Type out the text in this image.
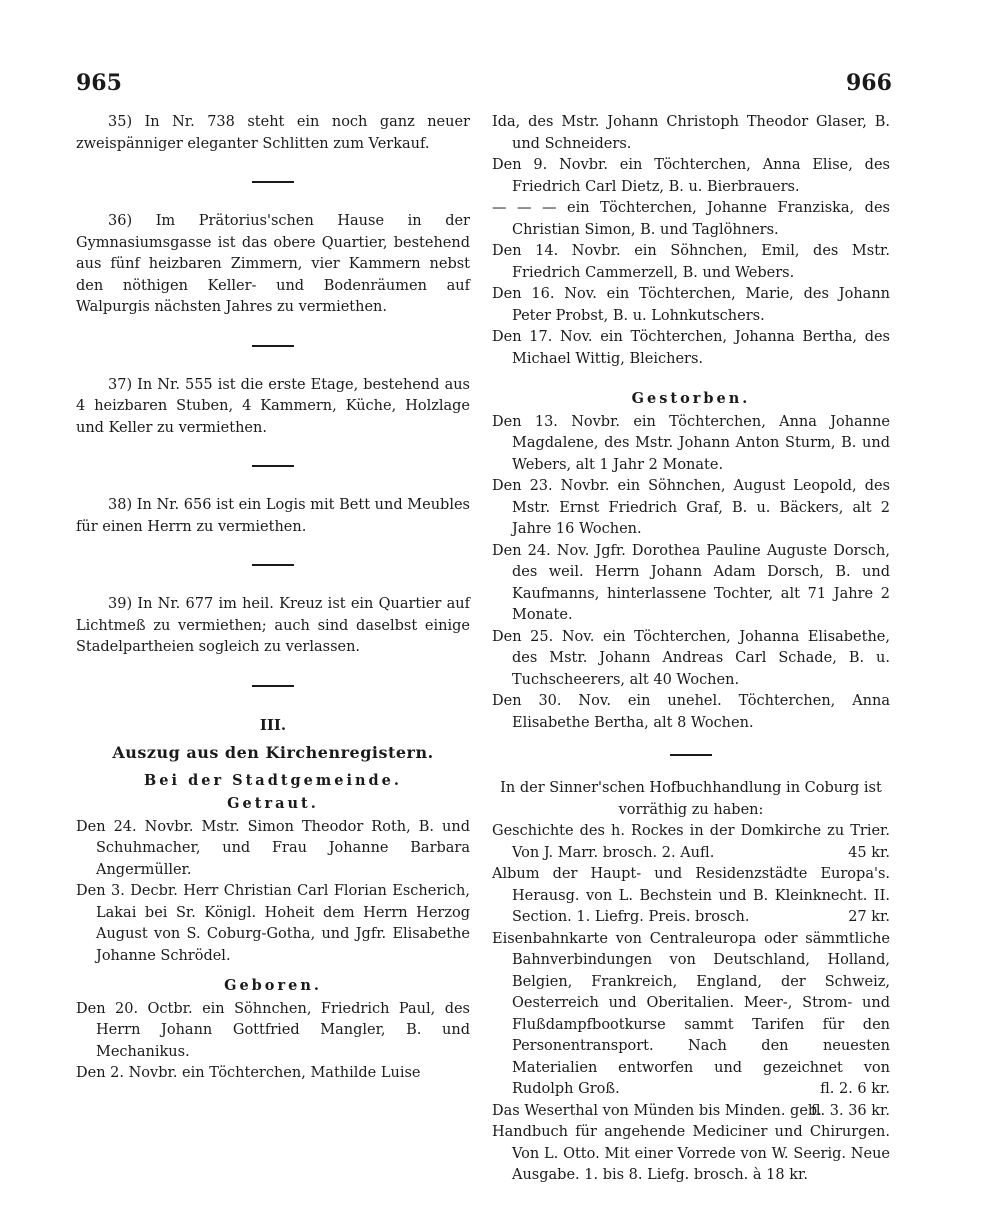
965	966

35) In Nr. 738 steht ein noch ganz neuer zweispänniger eleganter Schlitten zum Verkauf.

36) Im Prätorius'schen Hause in der Gymnasiumsgasse ist das obere Quartier, bestehend aus fünf heizbaren Zimmern, vier Kammern nebst den nöthigen Keller- und Bodenräumen auf Walpurgis nächsten Jahres zu vermiethen.

37) In Nr. 555 ist die erste Etage, bestehend aus 4 heizbaren Stuben, 4 Kammern, Küche, Holzlage und Keller zu vermiethen.

38) In Nr. 656 ist ein Logis mit Bett und Meubles für einen Herrn zu vermiethen.

39) In Nr. 677 im heil. Kreuz ist ein Quartier auf Lichtmeß zu vermiethen; auch sind daselbst einige Stadelpartheien sogleich zu verlassen.

III.
Auszug aus den Kirchenregistern.
Bei der Stadtgemeinde.
Getraut.

Den 24. Novbr. Mstr. Simon Theodor Roth, B. und Schuhmacher, und Frau Johanne Barbara Angermüller.

Den 3. Decbr. Herr Christian Carl Florian Escherich, Lakai bei Sr. Königl. Hoheit dem Herrn Herzog August von S. Coburg-Gotha, und Jgfr. Elisabethe Johanne Schrödel.

Geboren.

Den 20. Octbr. ein Söhnchen, Friedrich Paul, des Herrn Johann Gottfried Mangler, B. und Mechanikus.

Den 2. Novbr. ein Töchterchen, Mathilde Luise

Ida, des Mstr. Johann Christoph Theodor Glaser, B. und Schneiders.

Den 9. Novbr. ein Töchterchen, Anna Elise, des Friedrich Carl Dietz, B. u. Bierbrauers.

— — — ein Töchterchen, Johanne Franziska, des Christian Simon, B. und Taglöhners.

Den 14. Novbr. ein Söhnchen, Emil, des Mstr. Friedrich Cammerzell, B. und Webers.

Den 16. Nov. ein Töchterchen, Marie, des Johann Peter Probst, B. u. Lohnkutschers.

Den 17. Nov. ein Töchterchen, Johanna Bertha, des Michael Wittig, Bleichers.

Gestorben.

Den 13. Novbr. ein Töchterchen, Anna Johanne Magdalene, des Mstr. Johann Anton Sturm, B. und Webers, alt 1 Jahr 2 Monate.

Den 23. Novbr. ein Söhnchen, August Leopold, des Mstr. Ernst Friedrich Graf, B. u. Bäckers, alt 2 Jahre 16 Wochen.

Den 24. Nov. Jgfr. Dorothea Pauline Auguste Dorsch, des weil. Herrn Johann Adam Dorsch, B. und Kaufmanns, hinterlassene Tochter, alt 71 Jahre 2 Monate.

Den 25. Nov. ein Töchterchen, Johanna Elisabethe, des Mstr. Johann Andreas Carl Schade, B. u. Tuchscheerers, alt 40 Wochen.

Den 30. Nov. ein unehel. Töchterchen, Anna Elisabethe Bertha, alt 8 Wochen.

In der Sinner'schen Hofbuchhandlung in Coburg ist vorräthig zu haben:

Geschichte des h. Rockes in der Domkirche zu Trier. Von J. Marr. brosch. 2. Aufl.	45 kr.

Album der Haupt- und Residenzstädte Europa's. Herausg. von L. Bechstein und B. Kleinknecht. II. Section. 1. Liefrg. Preis. brosch.	27 kr.

Eisenbahnkarte von Centraleuropa oder sämmtliche Bahnverbindungen von Deutschland, Holland, Belgien, Frankreich, England, der Schweiz, Oesterreich und Oberitalien. Meer-, Strom- und Flußdampfbootkurse sammt Tarifen für den Personentransport. Nach den neuesten Materialien entworfen und gezeichnet von Rudolph Groß.	fl. 2. 6 kr.

Das Weserthal von Münden bis Minden. geb.
fl. 3. 36 kr.

Handbuch für angehende Mediciner und Chirurgen. Von L. Otto. Mit einer Vorrede von W. Seerig. Neue Ausgabe. 1. bis 8. Liefg. brosch. à 18 kr.
